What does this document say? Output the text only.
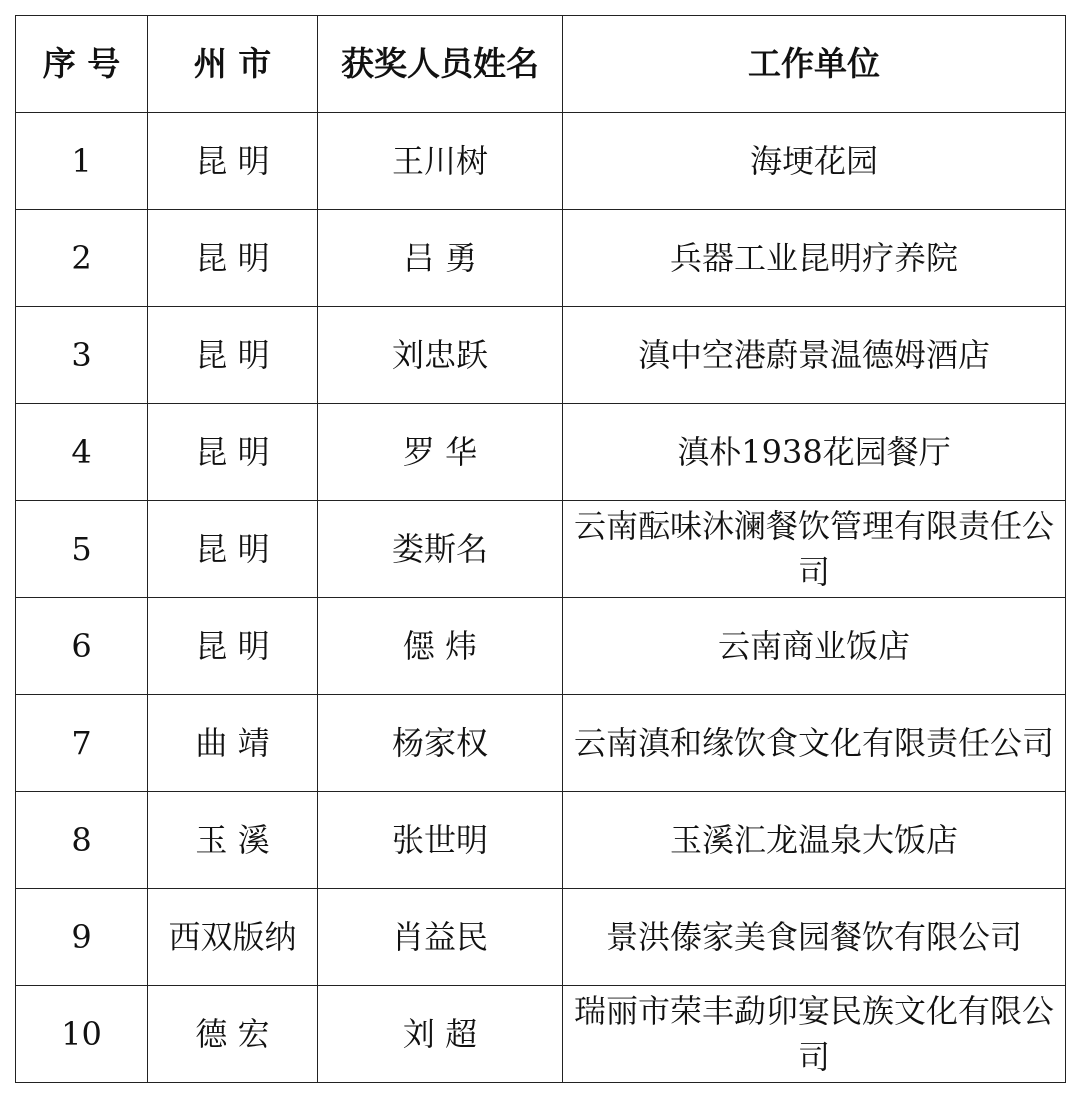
序 号	州 市	获奖人员姓名	工作单位
1	昆 明	王川树	海埂花园
2	昆 明	吕 勇	兵器工业昆明疗养院
3	昆 明	刘忠跃	滇中空港蔚景温德姆酒店
4	昆 明	罗 华	滇朴1938花园餐厅
5	昆 明	娄斯名	云南酝味沐澜餐饮管理有限责任公司
6	昆 明	僫 炜	云南商业饭店
7	曲 靖	杨家权	云南滇和缘饮食文化有限责任公司
8	玉 溪	张世明	玉溪汇龙温泉大饭店
9	西双版纳	肖益民	景洪傣家美食园餐饮有限公司
10	德 宏	刘 超	瑞丽市荣丰勐卯宴民族文化有限公司
